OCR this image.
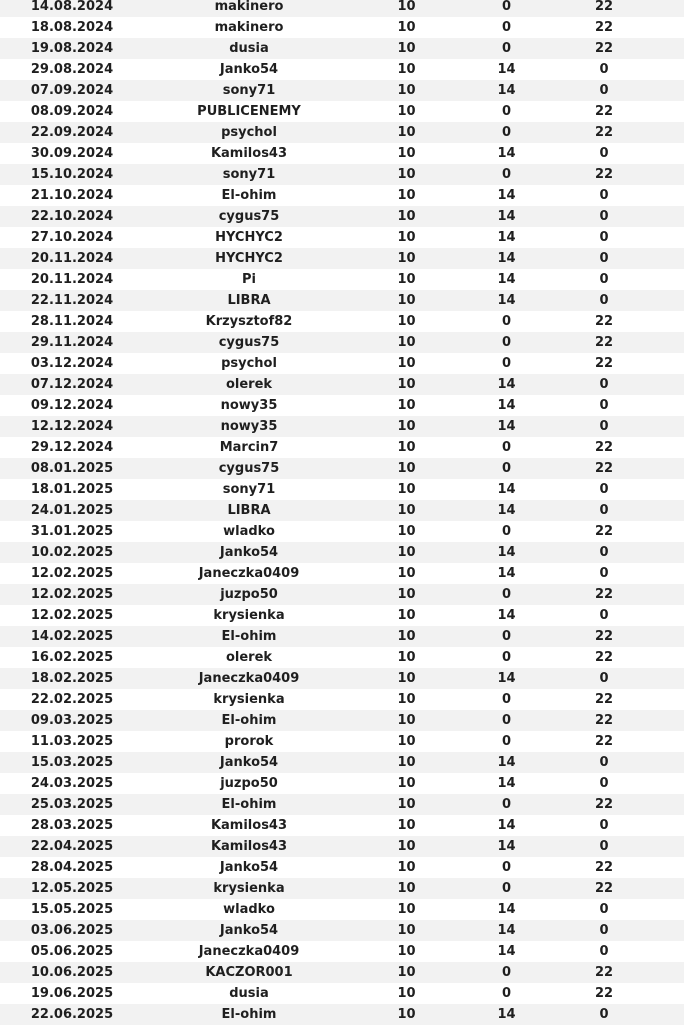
14.08.2024	makinero	10	0	22
18.08.2024	makinero	10	0	22
19.08.2024	dusia	10	0	22
29.08.2024	Janko54	10	14	0
07.09.2024	sony71	10	14	0
08.09.2024	PUBLICENEMY	10	0	22
22.09.2024	psychol	10	0	22
30.09.2024	Kamilos43	10	14	0
15.10.2024	sony71	10	0	22
21.10.2024	El-ohim	10	14	0
22.10.2024	cygus75	10	14	0
27.10.2024	HYCHYC2	10	14	0
20.11.2024	HYCHYC2	10	14	0
20.11.2024	Pi	10	14	0
22.11.2024	LIBRA	10	14	0
28.11.2024	Krzysztof82	10	0	22
29.11.2024	cygus75	10	0	22
03.12.2024	psychol	10	0	22
07.12.2024	olerek	10	14	0
09.12.2024	nowy35	10	14	0
12.12.2024	nowy35	10	14	0
29.12.2024	Marcin7	10	0	22
08.01.2025	cygus75	10	0	22
18.01.2025	sony71	10	14	0
24.01.2025	LIBRA	10	14	0
31.01.2025	wladko	10	0	22
10.02.2025	Janko54	10	14	0
12.02.2025	Janeczka0409	10	14	0
12.02.2025	juzpo50	10	0	22
12.02.2025	krysienka	10	14	0
14.02.2025	El-ohim	10	0	22
16.02.2025	olerek	10	0	22
18.02.2025	Janeczka0409	10	14	0
22.02.2025	krysienka	10	0	22
09.03.2025	El-ohim	10	0	22
11.03.2025	prorok	10	0	22
15.03.2025	Janko54	10	14	0
24.03.2025	juzpo50	10	14	0
25.03.2025	El-ohim	10	0	22
28.03.2025	Kamilos43	10	14	0
22.04.2025	Kamilos43	10	14	0
28.04.2025	Janko54	10	0	22
12.05.2025	krysienka	10	0	22
15.05.2025	wladko	10	14	0
03.06.2025	Janko54	10	14	0
05.06.2025	Janeczka0409	10	14	0
10.06.2025	KACZOR001	10	0	22
19.06.2025	dusia	10	0	22
22.06.2025	El-ohim	10	14	0
